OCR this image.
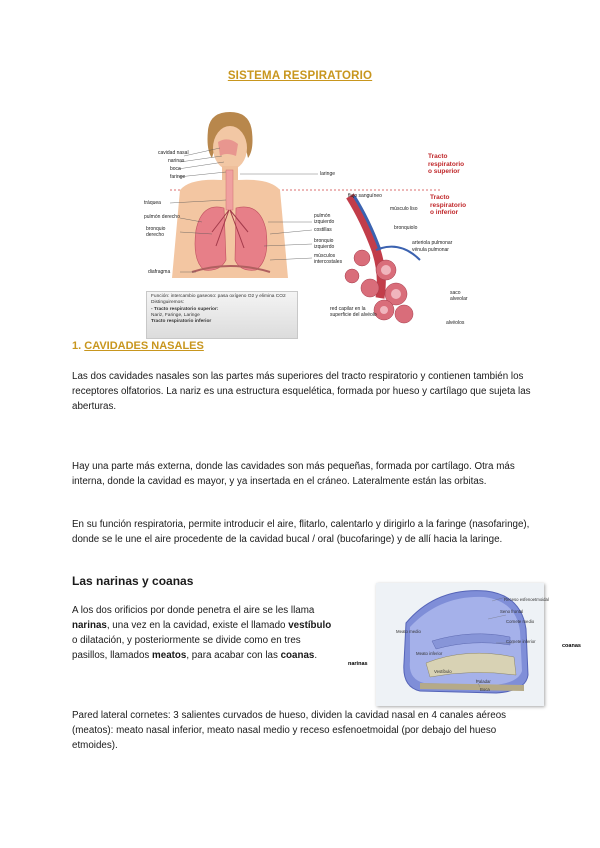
SISTEMA RESPIRATORIO
cavidad nasal
narinas
boca
faringe
tráquea
pulmón derecho
bronquio derecho
diafragma
laringe
pulmón izquierdo
costillas
bronquio izquierdo
músculos intercostales
flujo sanguíneo
músculo liso
bronquiolo
arteriola pulmonar
vénula pulmonar
saco alveolar
red capilar en la superficie del alvéolo
alvéolos
Tracto
respiratorio
o superior
Tracto
respiratorio
o inferior
Función: intercambio gaseoso: pasa oxígeno O2 y elimina CO2
Distinguiremos:
- Tracto respiratorio superior:
Nariz, Faringe, Laringe
Tracto respiratorio inferior
1. CAVIDADES NASALES
Las dos cavidades nasales son las partes más superiores del tracto respiratorio y contienen también los receptores olfatorios. La nariz es una estructura esquelética, formada por hueso y cartílago que sujeta las aberturas.
Hay una parte más externa, donde las cavidades son más pequeñas, formada por cartílago. Otra más interna, donde la cavidad es mayor, y ya insertada en el cráneo. Lateralmente están las orbitas.
En su función respiratoria, permite introducir el aire, flitarlo, calentarlo y dirigirlo a la faringe (nasofaringe), donde se le une el aire procedente de la cavidad bucal / oral (bucofaringe) y de allí hacia la laringe.
Las narinas y coanas
A los dos orificios por donde penetra el aire se les llama narinas, una vez en la cavidad, existe el llamado vestíbulo o dilatación, y posteriormente se divide como en tres pasillos, llamados meatos, para acabar con las coanas.
Pared lateral cornetes: 3 salientes curvados de hueso, dividen la cavidad nasal en 4 canales aéreos (meatos): meato nasal inferior, meato nasal medio y receso esfenoetmoidal (por debajo del hueso etmoides).
Receso esfenoetmoidal
Seno frontal
Cornete medio
Meato medio
Cornete inferior
Meato inferior
Vestíbulo
Paladar
Boca
narinas
coanas
